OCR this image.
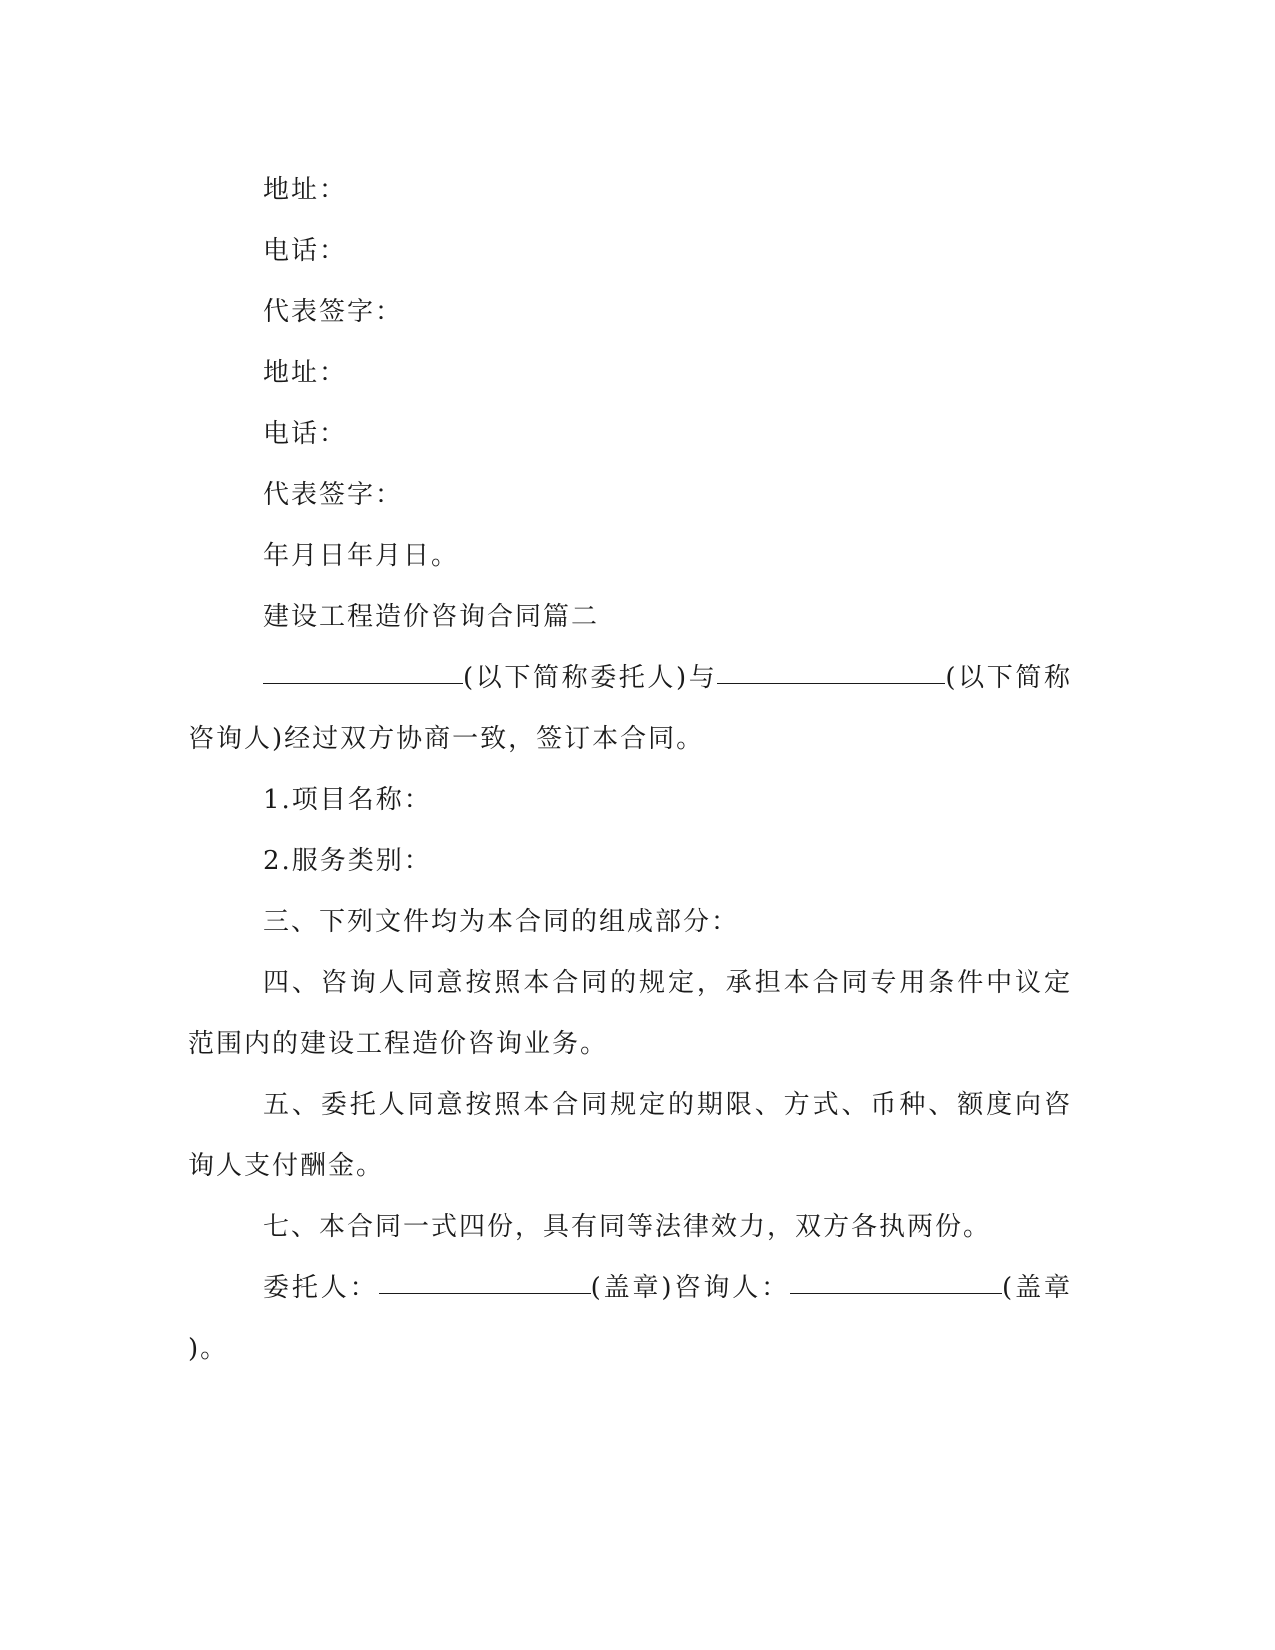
地址：
电话：
代表签字：
地址：
电话：
代表签字：
年月日年月日。
建设工程造价咨询合同篇二
(以下简称委托人)与	(以下简称
咨询人)经过双方协商一致，签订本合同。
1.项目名称：
2.服务类别：
三、下列文件均为本合同的组成部分：
四、咨询人同意按照本合同的规定，承担本合同专用条件中议定
范围内的建设工程造价咨询业务。
五、委托人同意按照本合同规定的期限、方式、币种、额度向咨
询人支付酬金。
七、本合同一式四份，具有同等法律效力，双方各执两份。
委托人：	(盖章)咨询人：	(盖章
)。
